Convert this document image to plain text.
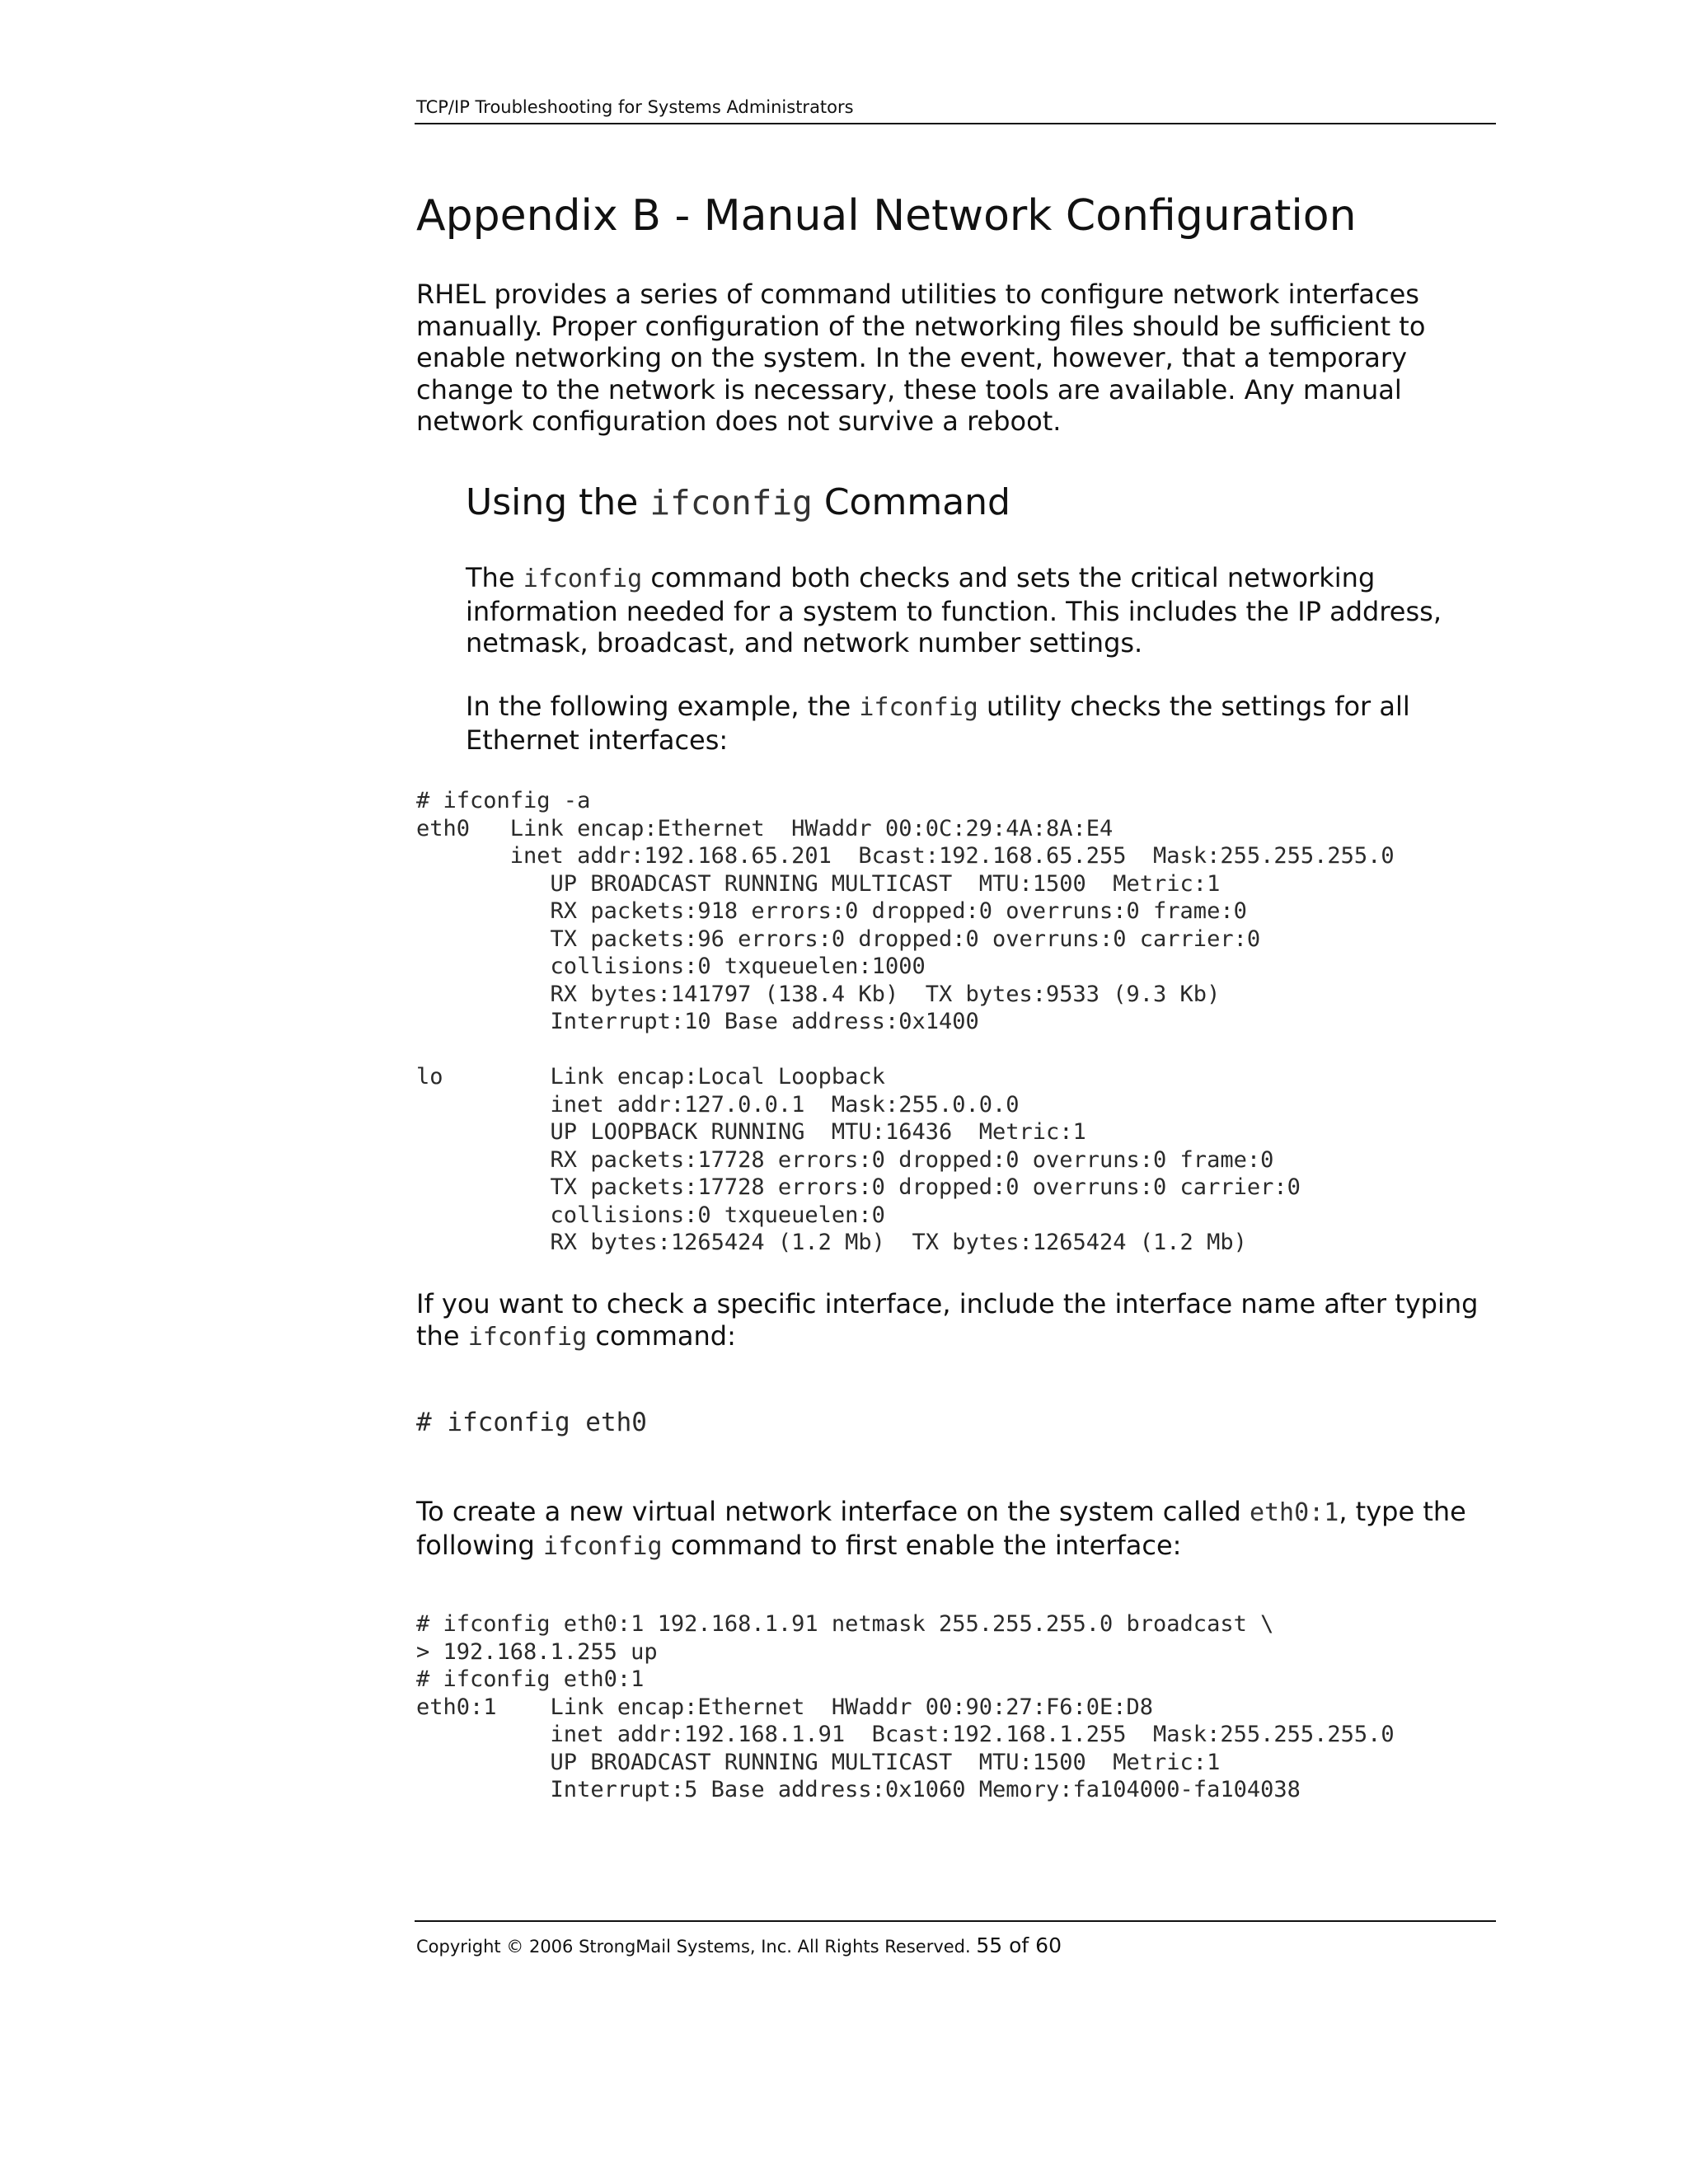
TCP/IP Troubleshooting for Systems Administrators
Appendix B - Manual Network Configuration

RHEL provides a series of command utilities to configure network interfaces manually. Proper configuration of the networking files should be sufficient to enable networking on the system. In the event, however, that a temporary change to the network is necessary, these tools are available. Any manual network configuration does not survive a reboot.

Using the ifconfig Command

The ifconfig command both checks and sets the critical networking information needed for a system to function. This includes the IP address, netmask, broadcast, and network number settings.

In the following example, the ifconfig utility checks the settings for all Ethernet interfaces:

# ifconfig -a
eth0   Link encap:Ethernet  HWaddr 00:0C:29:4A:8A:E4
inet addr:192.168.65.201  Bcast:192.168.65.255  Mask:255.255.255.0
UP BROADCAST RUNNING MULTICAST  MTU:1500  Metric:1
RX packets:918 errors:0 dropped:0 overruns:0 frame:0
TX packets:96 errors:0 dropped:0 overruns:0 carrier:0
collisions:0 txqueuelen:1000
RX bytes:141797 (138.4 Kb)  TX bytes:9533 (9.3 Kb)
Interrupt:10 Base address:0x1400

lo        Link encap:Local Loopback
inet addr:127.0.0.1  Mask:255.0.0.0
UP LOOPBACK RUNNING  MTU:16436  Metric:1
RX packets:17728 errors:0 dropped:0 overruns:0 frame:0
TX packets:17728 errors:0 dropped:0 overruns:0 carrier:0
collisions:0 txqueuelen:0
RX bytes:1265424 (1.2 Mb)  TX bytes:1265424 (1.2 Mb)

If you want to check a specific interface, include the interface name after typing the ifconfig command:

# ifconfig eth0

To create a new virtual network interface on the system called eth0:1, type the following ifconfig command to first enable the interface:

# ifconfig eth0:1 192.168.1.91 netmask 255.255.255.0 broadcast \
> 192.168.1.255 up
# ifconfig eth0:1
eth0:1    Link encap:Ethernet  HWaddr 00:90:27:F6:0E:D8
inet addr:192.168.1.91  Bcast:192.168.1.255  Mask:255.255.255.0
UP BROADCAST RUNNING MULTICAST  MTU:1500  Metric:1
Interrupt:5 Base address:0x1060 Memory:fa104000-fa104038
Copyright © 2006 StrongMail Systems, Inc. All Rights Reserved. 55 of 60
